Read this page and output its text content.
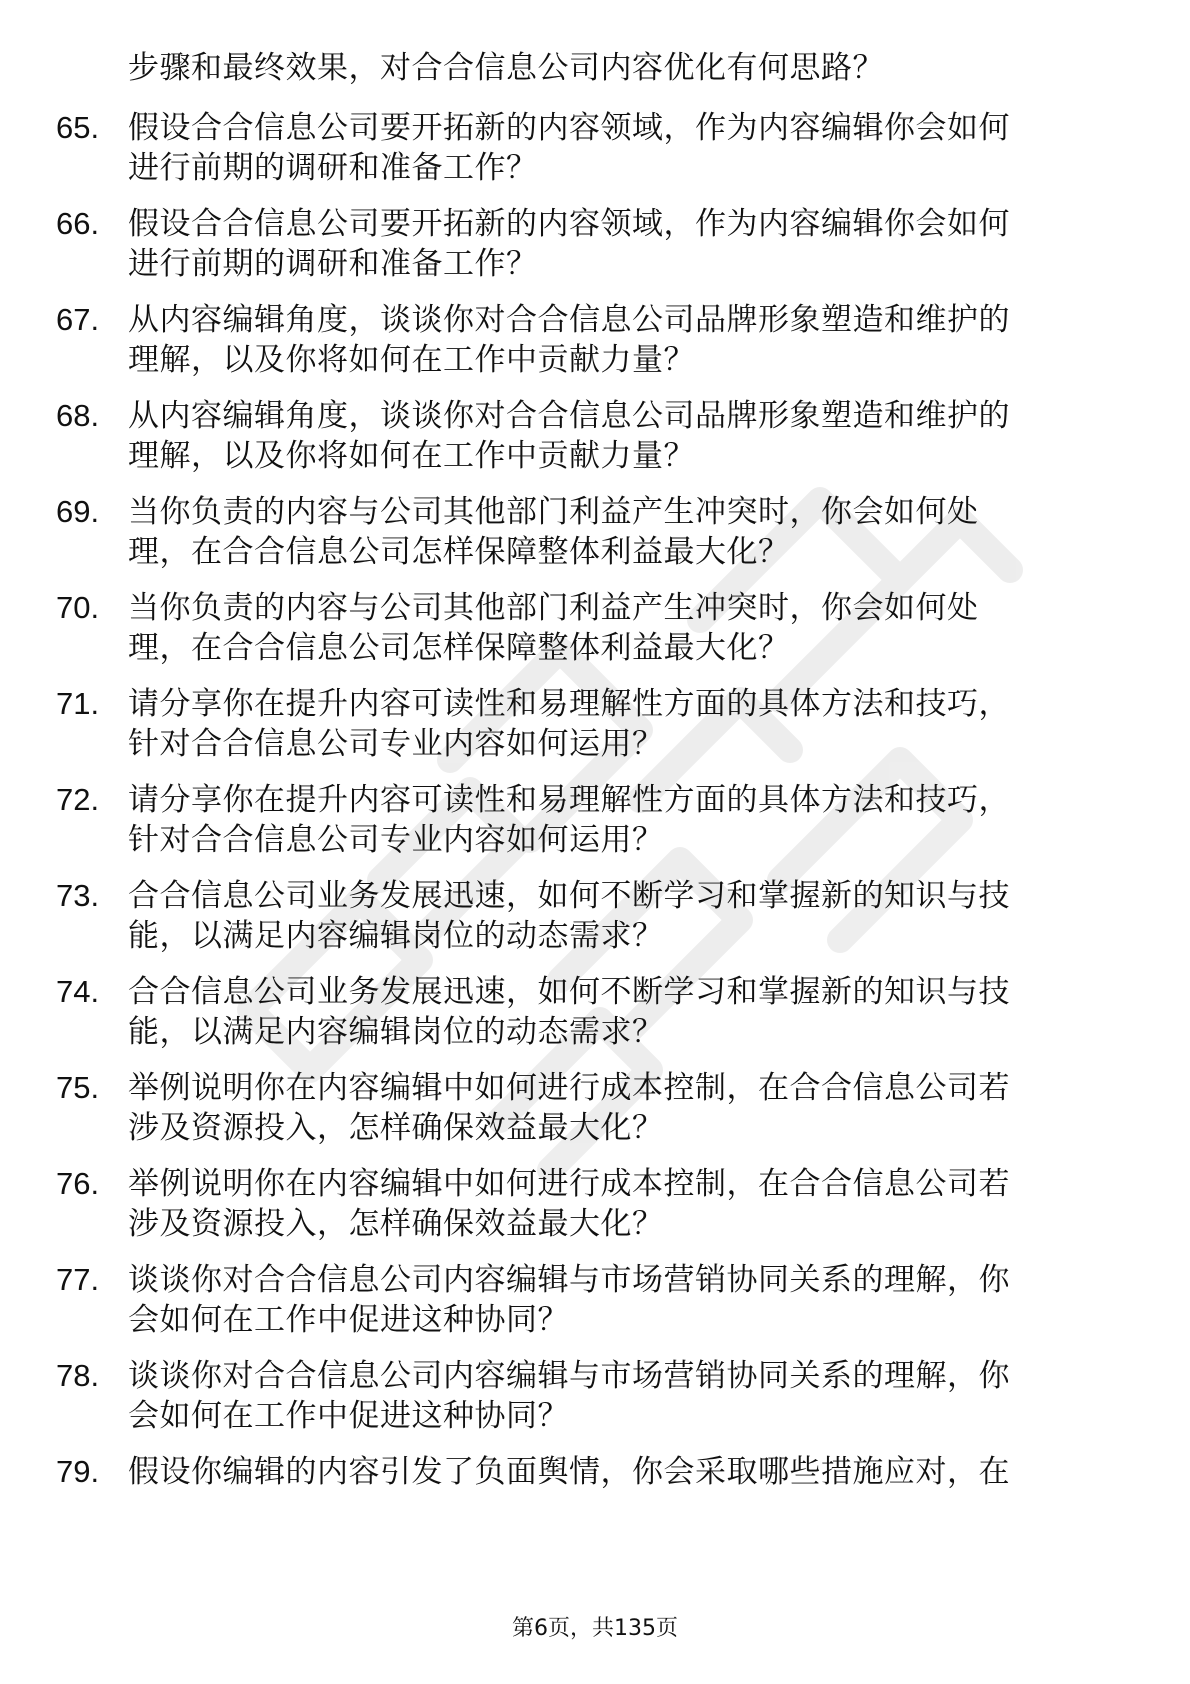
步骤和最终效果，对合合信息公司内容优化有何思路？
65. 假设合合信息公司要开拓新的内容领域，作为内容编辑你会如何
进行前期的调研和准备工作？
66. 假设合合信息公司要开拓新的内容领域，作为内容编辑你会如何
进行前期的调研和准备工作？
67. 从内容编辑角度，谈谈你对合合信息公司品牌形象塑造和维护的
理解，以及你将如何在工作中贡献力量？
68. 从内容编辑角度，谈谈你对合合信息公司品牌形象塑造和维护的
理解，以及你将如何在工作中贡献力量？
69. 当你负责的内容与公司其他部门利益产生冲突时，你会如何处
理，在合合信息公司怎样保障整体利益最大化？
70. 当你负责的内容与公司其他部门利益产生冲突时，你会如何处
理，在合合信息公司怎样保障整体利益最大化？
71. 请分享你在提升内容可读性和易理解性方面的具体方法和技巧，
针对合合信息公司专业内容如何运用？
72. 请分享你在提升内容可读性和易理解性方面的具体方法和技巧，
针对合合信息公司专业内容如何运用？
73. 合合信息公司业务发展迅速，如何不断学习和掌握新的知识与技
能，以满足内容编辑岗位的动态需求？
74. 合合信息公司业务发展迅速，如何不断学习和掌握新的知识与技
能，以满足内容编辑岗位的动态需求？
75. 举例说明你在内容编辑中如何进行成本控制，在合合信息公司若
涉及资源投入，怎样确保效益最大化？
76. 举例说明你在内容编辑中如何进行成本控制，在合合信息公司若
涉及资源投入，怎样确保效益最大化？
77. 谈谈你对合合信息公司内容编辑与市场营销协同关系的理解，你
会如何在工作中促进这种协同？
78. 谈谈你对合合信息公司内容编辑与市场营销协同关系的理解，你
会如何在工作中促进这种协同？
79. 假设你编辑的内容引发了负面舆情，你会采取哪些措施应对，在
第6页，共135页
